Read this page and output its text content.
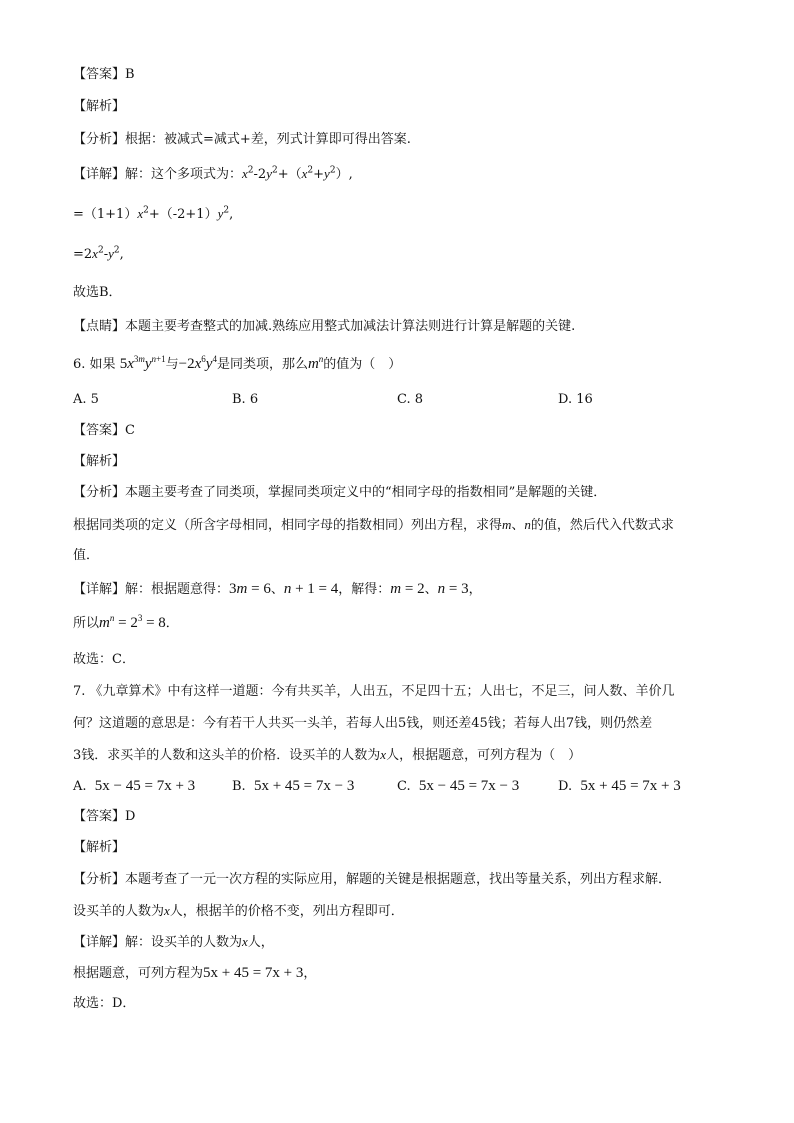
【答案】B
【解析】
【分析】根据：被减式=减式+差，列式计算即可得出答案.
【详解】解：这个多项式为：$x^2-2y^2+(x^2+y^2)$,
$=(1+1)x^2+(-2+1)y^2$,
$=2x^2-y^2$,
故选B．
【点睛】本题主要考查整式的加减.熟练应用整式加减法计算法则进行计算是解题的关键.
6. 如果 $5x^{3m}y^{n+1}$与$-2x^6y^4$是同类项，那么$m^n$的值为（　）
A. 5	B. 6	C. 8	D. 16
【答案】C
【解析】
【分析】本题主要考查了同类项，掌握同类项定义中的“相同字母的指数相同”是解题的关键．
根据同类项的定义（所含字母相同，相同字母的指数相同）列出方程，求得m、n的值，然后代入代数式求
值．
【详解】解：根据题意得：3m = 6、n + 1 = 4，解得：m = 2、n = 3，
所以$m^n = 2^3 = 8$．
故选：C．
7. 《九章算术》中有这样一道题：今有共买羊，人出五，不足四十五；人出七，不足三，问人数、羊价几
何？这道题的意思是：今有若干人共买一头羊，若每人出5钱，则还差45钱；若每人出7钱，则仍然差
3钱．求买羊的人数和这头羊的价格．设买羊的人数为x人，根据题意，可列方程为（　）
A. 5x − 45 = 7x + 3	B. 5x + 45 = 7x − 3	C. 5x − 45 = 7x − 3	D. 5x + 45 = 7x + 3
【答案】D
【解析】
【分析】本题考查了一元一次方程的实际应用，解题的关键是根据题意，找出等量关系，列出方程求解．
设买羊的人数为x人，根据羊的价格不变，列出方程即可．
【详解】解：设买羊的人数为x人，
根据题意，可列方程为5x + 45 = 7x + 3，
故选：D．
